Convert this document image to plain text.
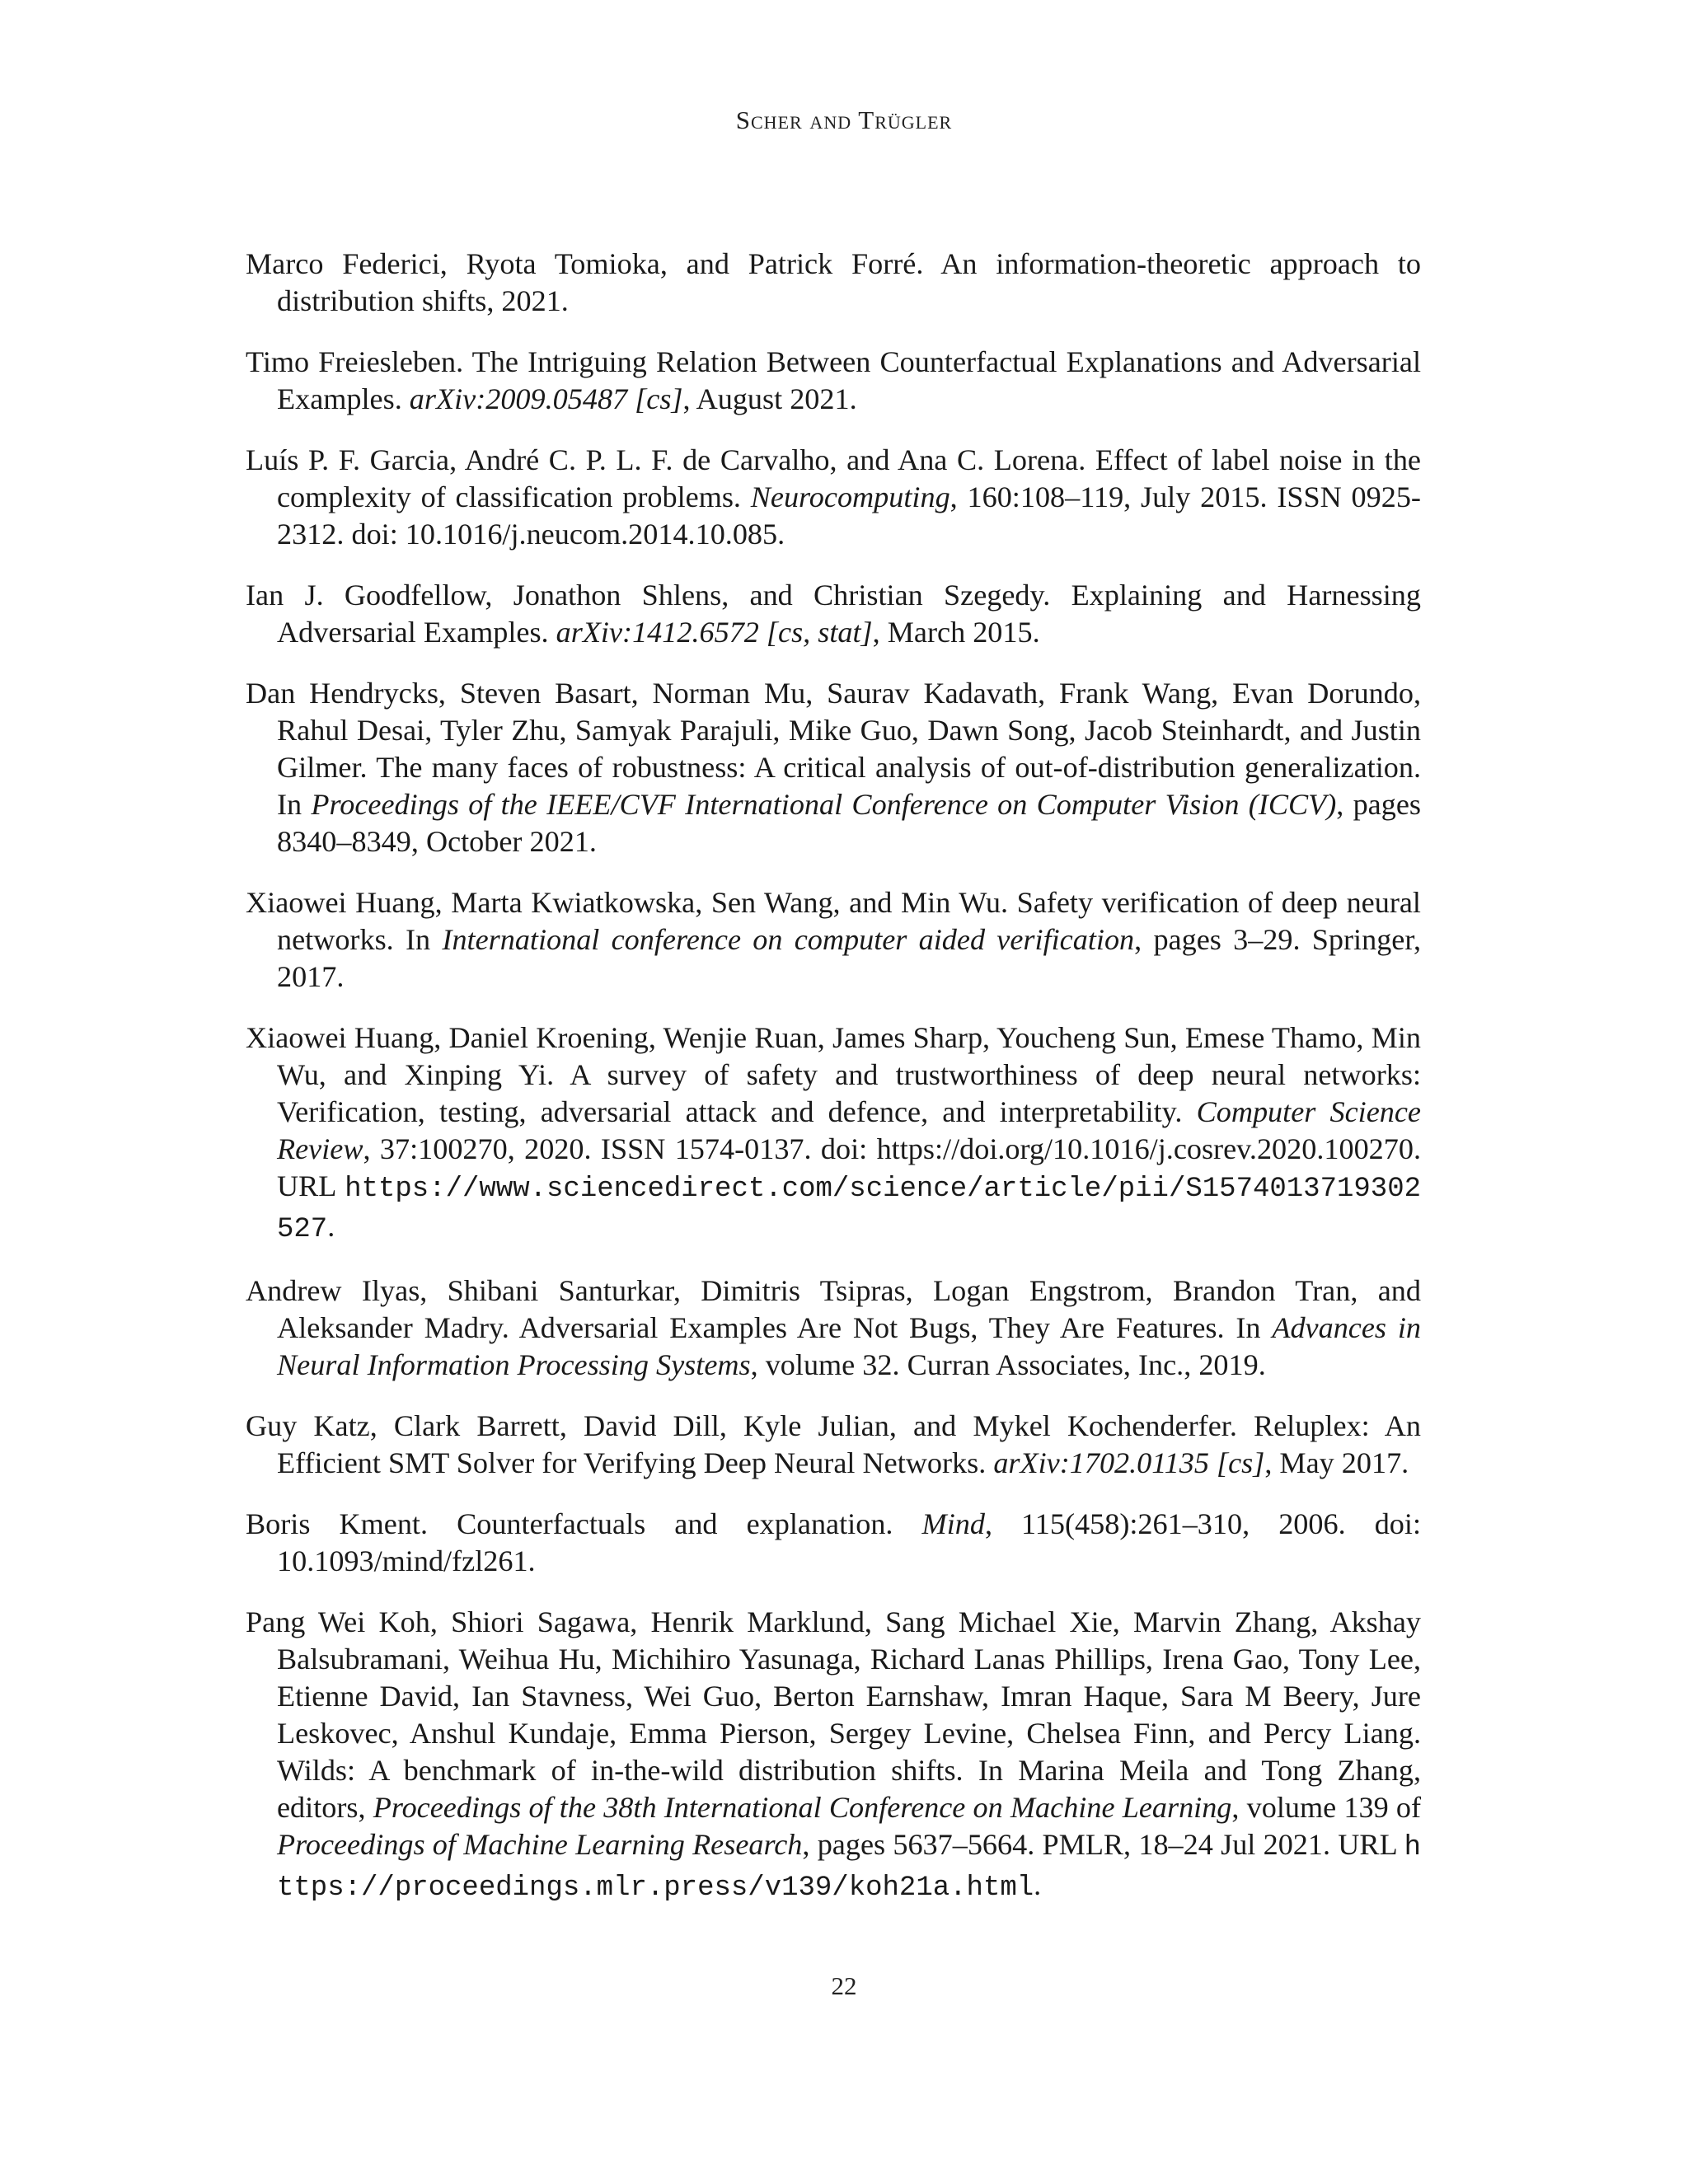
Scher and Trügler

Marco Federici, Ryota Tomioka, and Patrick Forré. An information-theoretic approach to distribution shifts, 2021.

Timo Freiesleben. The Intriguing Relation Between Counterfactual Explanations and Adversarial Examples. arXiv:2009.05487 [cs], August 2021.

Luís P. F. Garcia, André C. P. L. F. de Carvalho, and Ana C. Lorena. Effect of label noise in the complexity of classification problems. Neurocomputing, 160:108–119, July 2015. ISSN 0925-2312. doi: 10.1016/j.neucom.2014.10.085.

Ian J. Goodfellow, Jonathon Shlens, and Christian Szegedy. Explaining and Harnessing Adversarial Examples. arXiv:1412.6572 [cs, stat], March 2015.

Dan Hendrycks, Steven Basart, Norman Mu, Saurav Kadavath, Frank Wang, Evan Dorundo, Rahul Desai, Tyler Zhu, Samyak Parajuli, Mike Guo, Dawn Song, Jacob Steinhardt, and Justin Gilmer. The many faces of robustness: A critical analysis of out-of-distribution generalization. In Proceedings of the IEEE/CVF International Conference on Computer Vision (ICCV), pages 8340–8349, October 2021.

Xiaowei Huang, Marta Kwiatkowska, Sen Wang, and Min Wu. Safety verification of deep neural networks. In International conference on computer aided verification, pages 3–29. Springer, 2017.

Xiaowei Huang, Daniel Kroening, Wenjie Ruan, James Sharp, Youcheng Sun, Emese Thamo, Min Wu, and Xinping Yi. A survey of safety and trustworthiness of deep neural networks: Verification, testing, adversarial attack and defence, and interpretability. Computer Science Review, 37:100270, 2020. ISSN 1574-0137. doi: https://doi.org/10.1016/j.cosrev.2020.100270. URL https://www.sciencedirect.com/science/article/pii/S1574013719302527.

Andrew Ilyas, Shibani Santurkar, Dimitris Tsipras, Logan Engstrom, Brandon Tran, and Aleksander Madry. Adversarial Examples Are Not Bugs, They Are Features. In Advances in Neural Information Processing Systems, volume 32. Curran Associates, Inc., 2019.

Guy Katz, Clark Barrett, David Dill, Kyle Julian, and Mykel Kochenderfer. Reluplex: An Efficient SMT Solver for Verifying Deep Neural Networks. arXiv:1702.01135 [cs], May 2017.

Boris Kment. Counterfactuals and explanation. Mind, 115(458):261–310, 2006. doi: 10.1093/mind/fzl261.

Pang Wei Koh, Shiori Sagawa, Henrik Marklund, Sang Michael Xie, Marvin Zhang, Akshay Balsubramani, Weihua Hu, Michihiro Yasunaga, Richard Lanas Phillips, Irena Gao, Tony Lee, Etienne David, Ian Stavness, Wei Guo, Berton Earnshaw, Imran Haque, Sara M Beery, Jure Leskovec, Anshul Kundaje, Emma Pierson, Sergey Levine, Chelsea Finn, and Percy Liang. Wilds: A benchmark of in-the-wild distribution shifts. In Marina Meila and Tong Zhang, editors, Proceedings of the 38th International Conference on Machine Learning, volume 139 of Proceedings of Machine Learning Research, pages 5637–5664. PMLR, 18–24 Jul 2021. URL https://proceedings.mlr.press/v139/koh21a.html.

22
